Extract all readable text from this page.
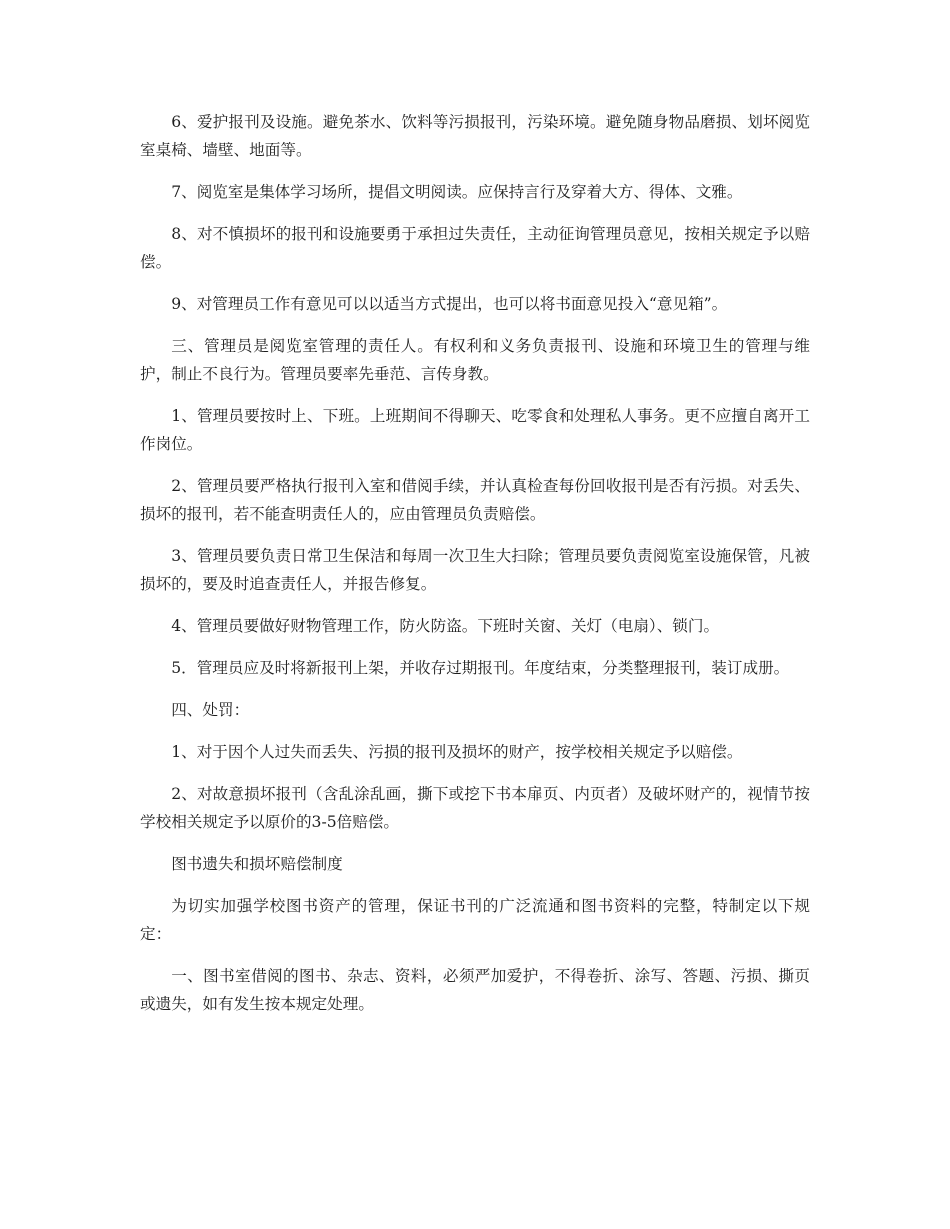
6、爱护报刊及设施。避免茶水、饮料等污损报刊，污染环境。避免随身物品磨损、划坏阅览室桌椅、墙壁、地面等。

7、阅览室是集体学习场所，提倡文明阅读。应保持言行及穿着大方、得体、文雅。

8、对不慎损坏的报刊和设施要勇于承担过失责任，主动征询管理员意见，按相关规定予以赔偿。

9、对管理员工作有意见可以以适当方式提出，也可以将书面意见投入“意见箱”。

三、管理员是阅览室管理的责任人。有权利和义务负责报刊、设施和环境卫生的管理与维护，制止不良行为。管理员要率先垂范、言传身教。

1、管理员要按时上、下班。上班期间不得聊天、吃零食和处理私人事务。更不应擅自离开工作岗位。

2、管理员要严格执行报刊入室和借阅手续，并认真检查每份回收报刊是否有污损。对丢失、损坏的报刊，若不能查明责任人的，应由管理员负责赔偿。

3、管理员要负责日常卫生保洁和每周一次卫生大扫除；管理员要负责阅览室设施保管，凡被损坏的，要及时追查责任人，并报告修复。

4、管理员要做好财物管理工作，防火防盗。下班时关窗、关灯（电扇）、锁门。

5．管理员应及时将新报刊上架，并收存过期报刊。年度结束，分类整理报刊，装订成册。

四、处罚：

1、对于因个人过失而丢失、污损的报刊及损坏的财产，按学校相关规定予以赔偿。

2、对故意损坏报刊（含乱涂乱画，撕下或挖下书本扉页、内页者）及破坏财产的，视情节按学校相关规定予以原价的3-5倍赔偿。

图书遗失和损坏赔偿制度

为切实加强学校图书资产的管理，保证书刊的广泛流通和图书资料的完整，特制定以下规定：

一、图书室借阅的图书、杂志、资料，必须严加爱护，不得卷折、涂写、答题、污损、撕页或遗失，如有发生按本规定处理。
